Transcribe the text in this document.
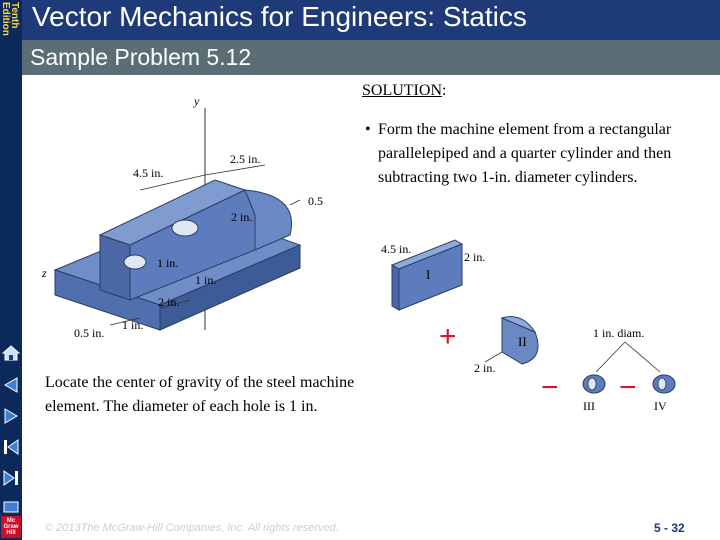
Tenth
Edition
Mc
Graw
Hill
Vector Mechanics for Engineers: Statics
Sample Problem 5.12
SOLUTION:
• Form the machine element from a rectangular parallelepiped and a quarter cylinder and then subtracting two 1-in. diameter cylinders.
y
z
2.5 in.
4.5 in.
0.5
2 in.
1 in.
1 in.
2 in.
0.5 in.
1 in.
4.5 in.
2 in.
I
+	II
2 in.
1 in. diam.
− −
III	IV
Locate the center of gravity of the steel machine element. The diameter of each hole is 1 in.
© 2013The McGraw-Hill Companies, Inc. All rights reserved.	5 - 32
